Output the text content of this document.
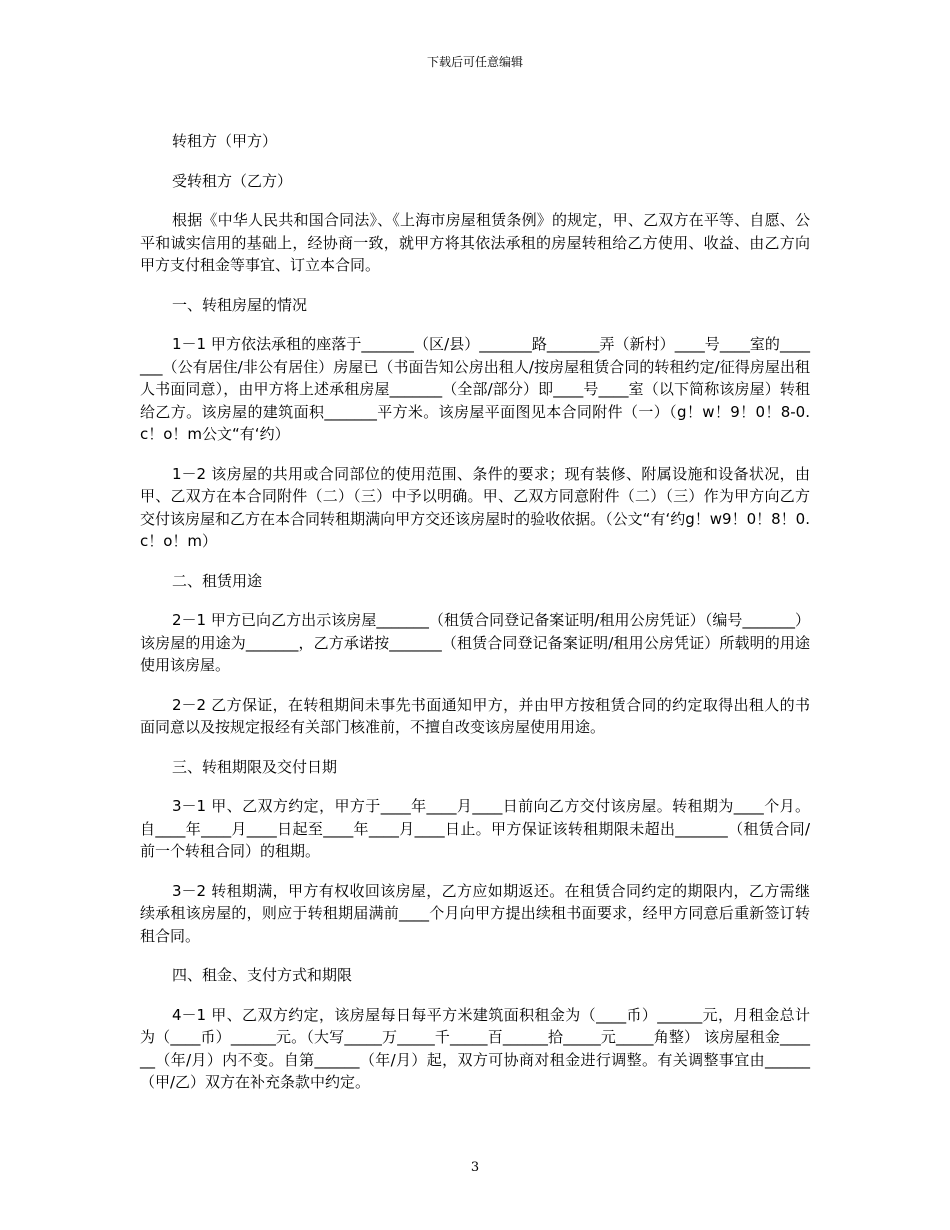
下载后可任意编辑

转租方（甲方）

受转租方（乙方）

根据《中华人民共和国合同法》、《上海市房屋租赁条例》的规定，甲、乙双方在平等、自愿、公平和诚实信用的基础上，经协商一致，就甲方将其依法承租的房屋转租给乙方使用、收益、由乙方向甲方支付租金等事宜、订立本合同。

一、转租房屋的情况

1－1 甲方依法承租的座落于_______（区/县）_______路_______弄（新村）____号____室的_______（公有居住/非公有居住）房屋已（书面告知公房出租人/按房屋租赁合同的转租约定/征得房屋出租人书面同意），由甲方将上述承租房屋_______（全部/部分）即____号____室（以下简称该房屋）转租给乙方。该房屋的建筑面积_______平方米。该房屋平面图见本合同附件（一）（g！w！9！0！8-0.c！o！m公文“有‘约）

1－2 该房屋的共用或合同部位的使用范围、条件的要求；现有装修、附属设施和设备状况，由甲、乙双方在本合同附件（二）（三）中予以明确。甲、乙双方同意附件（二）（三）作为甲方向乙方交付该房屋和乙方在本合同转租期满向甲方交还该房屋时的验收依据。（公文“有‘约g！w9！0！8！0.c！o！m）

二、租赁用途

2－1 甲方已向乙方出示该房屋_______（租赁合同登记备案证明/租用公房凭证）（编号_______）该房屋的用途为_______，乙方承诺按_______（租赁合同登记备案证明/租用公房凭证）所载明的用途使用该房屋。

2－2 乙方保证，在转租期间未事先书面通知甲方，并由甲方按租赁合同的约定取得出租人的书面同意以及按规定报经有关部门核准前，不擅自改变该房屋使用用途。

三、转租期限及交付日期

3－1 甲、乙双方约定，甲方于____年____月____日前向乙方交付该房屋。转租期为____个月。自____年____月____日起至____年____月____日止。甲方保证该转租期限未超出_______（租赁合同/前一个转租合同）的租期。

3－2 转租期满，甲方有权收回该房屋，乙方应如期返还。在租赁合同约定的期限内，乙方需继续承租该房屋的，则应于转租期届满前____个月向甲方提出续租书面要求，经甲方同意后重新签订转租合同。

四、租金、支付方式和期限

4－1 甲、乙双方约定，该房屋每日每平方米建筑面积租金为（____币）______元，月租金总计为（____币）______元。（大写_____万_____千_____百______拾_____元_____角整） 该房屋租金______（年/月）内不变。自第______（年/月）起，双方可协商对租金进行调整。有关调整事宜由______（甲/乙）双方在补充条款中约定。

3
